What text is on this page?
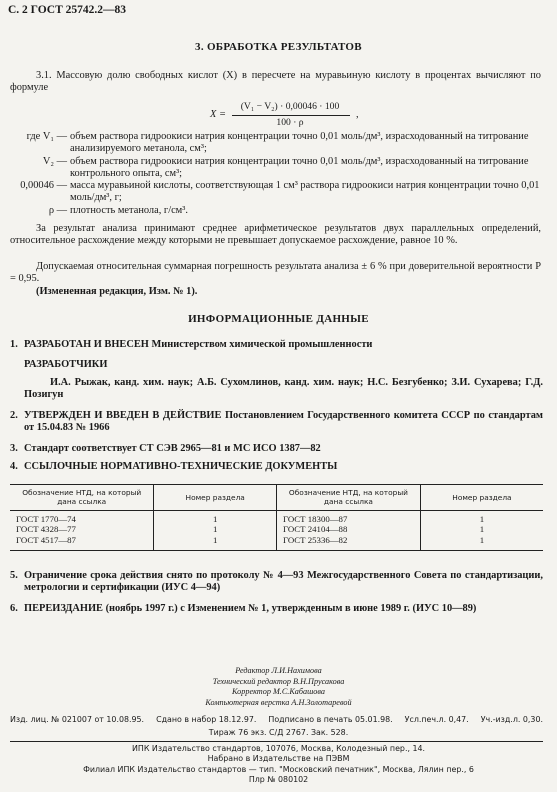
С. 2 ГОСТ 25742.2—83
3. ОБРАБОТКА РЕЗУЛЬТАТОВ

3.1. Массовую долю свободных кислот (X) в пересчете на муравьиную кислоту в процентах вычисляют по формуле

X =
(V₁ − V₂) · 0,00046 · 100
100 · ρ
,
где V₁ — объем раствора гидроокиси натрия концентрации точно 0,01 моль/дм³, израсходованный на титрование анализируемого метанола, см³;
V₂ — объем раствора гидроокиси натрия концентрации точно 0,01 моль/дм³, израсходованный на титрование контрольного опыта, см³;
0,00046 — масса муравьиной кислоты, соответствующая 1 см³ раствора гидроокиси натрия концентрации точно 0,01 моль/дм³, г;
ρ — плотность метанола, г/см³.

За результат анализа принимают среднее арифметическое результатов двух параллельных определений, относительное расхождение между которыми не превышает допускаемое расхождение, равное 10 %.

Допускаемая относительная суммарная погрешность результата анализа ± 6 % при доверительной вероятности P = 0,95.

(Измененная редакция, Изм. № 1).

ИНФОРМАЦИОННЫЕ ДАННЫЕ
1. РАЗРАБОТАН И ВНЕСЕН Министерством химической промышленности
РАЗРАБОТЧИКИ

И.А. Рыжак, канд. хим. наук; А.Б. Сухомлинов, канд. хим. наук; Н.С. Безгубенко; З.И. Сухарева; Г.Д. Позигун

2. УТВЕРЖДЕН И ВВЕДЕН В ДЕЙСТВИЕ Постановлением Государственного комитета СССР по стандартам от 15.04.83 № 1966
3. Стандарт соответствует СТ СЭВ 2965—81 и МС ИСО 1387—82
4. ССЫЛОЧНЫЕ НОРМАТИВНО-ТЕХНИЧЕСКИЕ ДОКУМЕНТЫ
Обозначение НТД, на который дана ссылка	Номер раздела	Обозначение НТД, на который дана ссылка	Номер раздела
ГОСТ 1770—74	1	ГОСТ 18300—87	1
ГОСТ 4328—77	1	ГОСТ 24104—88	1
ГОСТ 4517—87	1	ГОСТ 25336—82	1
5. Ограничение срока действия снято по протоколу № 4—93 Межгосударственного Совета по стандартизации, метрологии и сертификации (ИУС 4—94)
6. ПЕРЕИЗДАНИЕ (ноябрь 1997 г.) с Изменением № 1, утвержденным в июне 1989 г. (ИУС 10—89)
Редактор Л.И.Нахимова
Технический редактор В.Н.Прусакова
Корректор М.С.Кабашова
Компьютерная верстка А.Н.Золотаревой
Изд. лиц. № 021007 от 10.08.95. Сдано в набор 18.12.97. Подписано в печать 05.01.98. Усл.печ.л. 0,47. Уч.-изд.л. 0,30.
Тираж 76 экз. С/Д 2767. Зак. 528.
ИПК Издательство стандартов, 107076, Москва, Колодезный пер., 14.
Набрано в Издательстве на ПЭВМ
Филиал ИПК Издательство стандартов — тип. "Московский печатник", Москва, Лялин пер., 6
Плр № 080102
